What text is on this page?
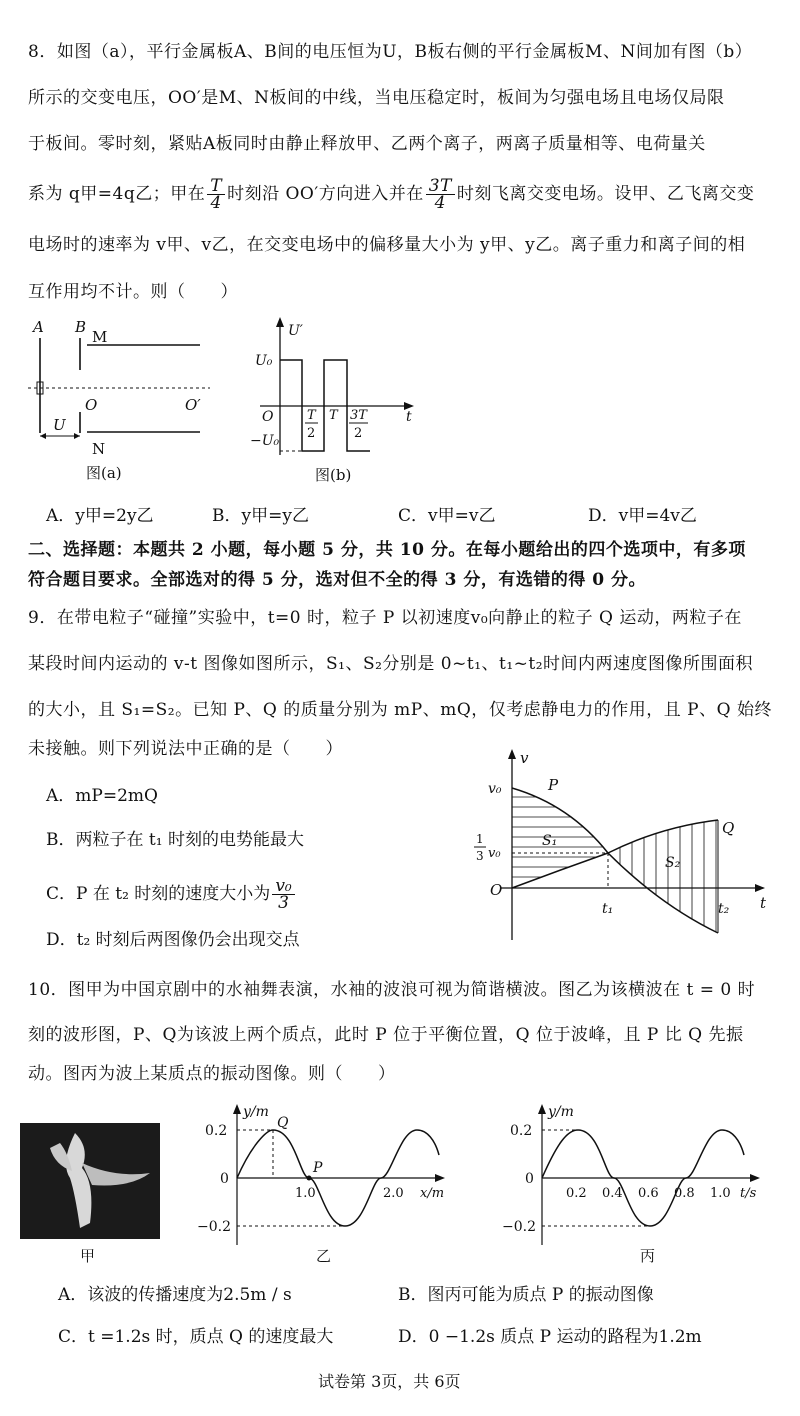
8．如图（a），平行金属板A、B间的电压恒为U，B板右侧的平行金属板M、N间加有图（b）
所示的交变电压，OO′是M、N板间的中线，当电压稳定时，板间为匀强电场且电场仅局限
于板间。零时刻，紧贴A板同时由静止释放甲、乙两个离子，两离子质量相等、电荷量关
系为 q甲=4q乙；甲在 $\frac{T}{4}$ 时刻沿 OO′方向进入并在 $\frac{3T}{4}$ 时刻飞离交变电场。设甲、乙飞离交变
电场时的速率为 v甲、v乙，在交变电场中的偏移量大小为 y甲、y乙。离子重力和离子间的相
互作用均不计。则（　　）
A B
M
N
O	O′
U
图(a)
U′
U₀
−U₀
O	t
T
2
T 3T
2
图(b)
A．y甲=2y乙	B．y甲=y乙	C．v甲=v乙	D．v甲=4v乙
二、选择题：本题共 2 小题，每小题 5 分，共 10 分。在每小题给出的四个选项中，有多项
符合题目要求。全部选对的得 5 分，选对但不全的得 3 分，有选错的得 0 分。
9．在带电粒子“碰撞”实验中，t=0 时，粒子 P 以初速度v₀向静止的粒子 Q 运动，两粒子在
某段时间内运动的 v-t 图像如图所示，S₁、S₂分别是 0~t₁、t₁~t₂时间内两速度图像所围面积
的大小，且 S₁=S₂。已知 P、Q 的质量分别为 mP、mQ，仅考虑静电力的作用，且 P、Q 始终
未接触。则下列说法中正确的是（　　）
A．mP=2mQ
B．两粒子在 t₁ 时刻的电势能最大
C．P 在 t₂ 时刻的速度大小为 $\frac{\text{v₀}}{3}$
D．t₂ 时刻后两图像仍会出现交点
v
v₀	P
Q
S₁
S₂
1
3 v₀
O
t₁	t₂ t
10．图甲为中国京剧中的水袖舞表演，水袖的波浪可视为简谐横波。图乙为该横波在 t = 0 时
刻的波形图，P、Q为该波上两个质点，此时 P 位于平衡位置，Q 位于波峰，且 P 比 Q 先振
动。图丙为波上某质点的振动图像。则（　　）
甲
y/m
0.2
0
−0.2
Q
P
1.0	2.0 x/m
乙
y/m
0.2
0
−0.2
0.2 0.4 0.6 0.8 1.0 t/s
丙
A．该波的传播速度为2.5m / s	B．图丙可能为质点 P 的振动图像
C．t =1.2s 时，质点 Q 的速度最大	D．0 −1.2s 质点 P 运动的路程为1.2m
试卷第 3页，共 6页
